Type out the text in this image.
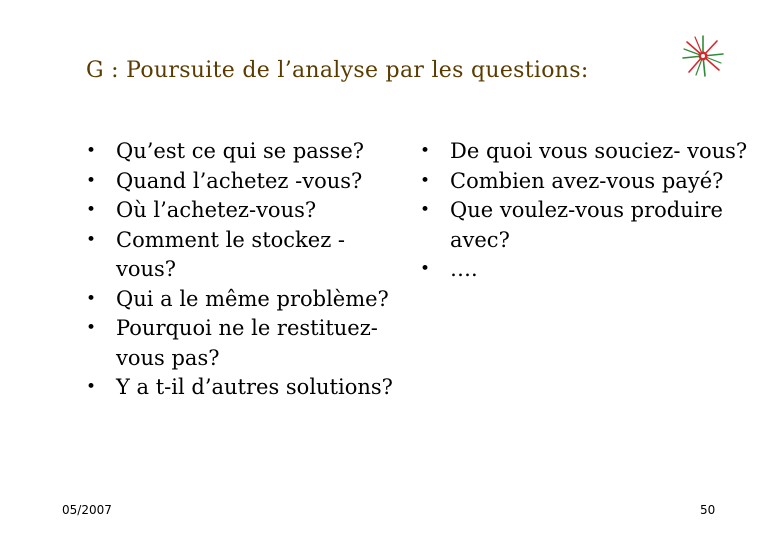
G : Poursuite de l’analyse par les questions:
• Qu’est ce qui se passe?
• Quand l’achetez -vous?
• Où l’achetez-vous?
• Comment le stockez - vous?
• Qui a le même problème?
• Pourquoi ne le restituez- vous pas?
• Y a t-il d’autres solutions?
• De quoi vous souciez- vous?
• Combien avez-vous payé?
• Que voulez-vous produire avec?
• ….
05/2007	50
